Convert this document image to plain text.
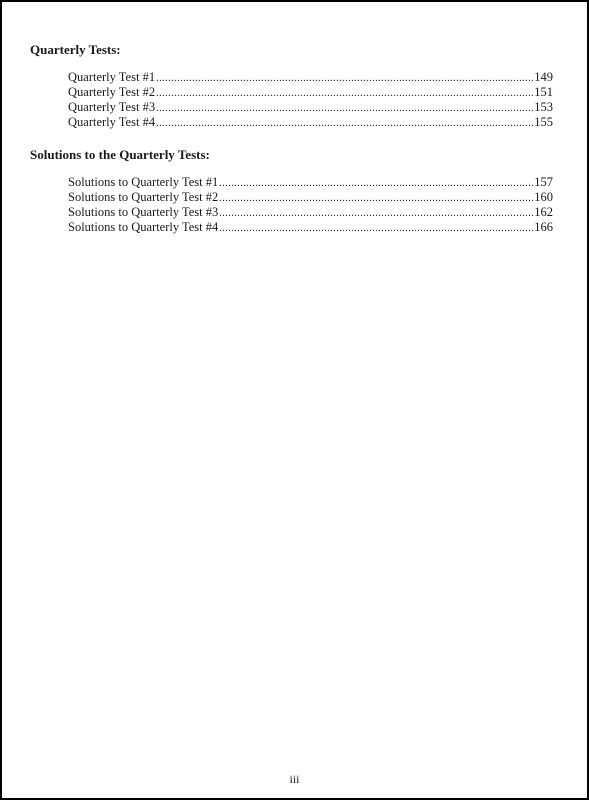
Quarterly Tests:
Quarterly Test #1 .....	149
Quarterly Test #2 .....	151
Quarterly Test #3 .....	153
Quarterly Test #4 .....	155
Solutions to the Quarterly Tests:
Solutions to Quarterly Test #1 .....	157
Solutions to Quarterly Test #2 .....	160
Solutions to Quarterly Test #3 .....	162
Solutions to Quarterly Test #4 .....	166
iii
